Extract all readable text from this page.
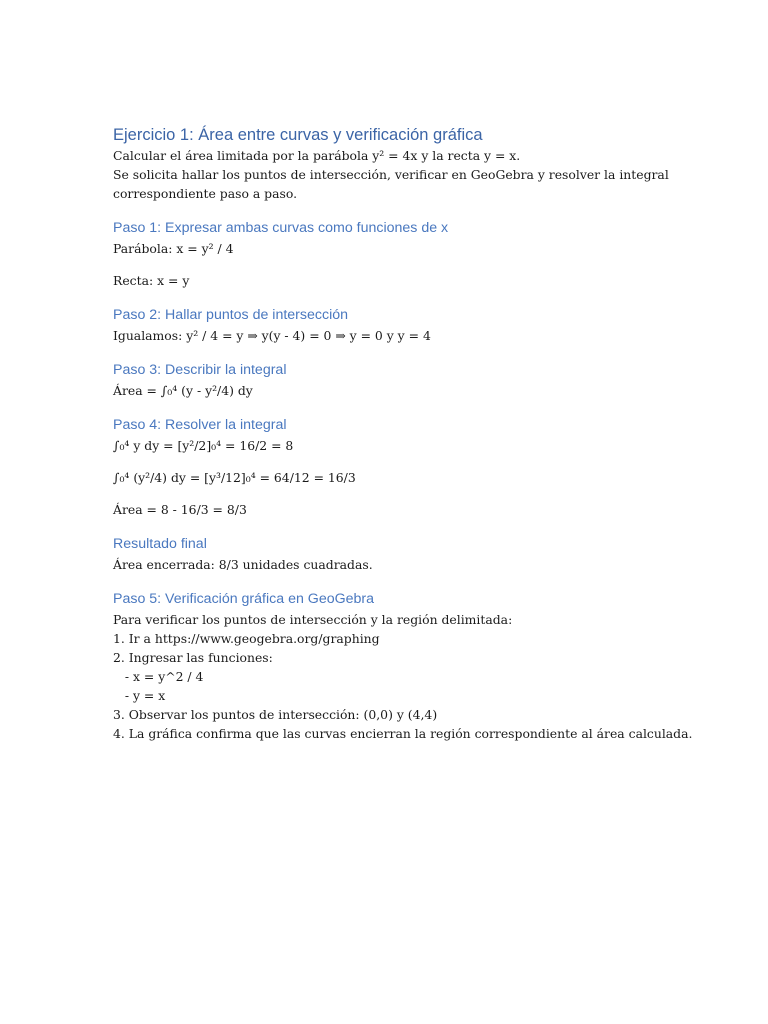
Ejercicio 1: Área entre curvas y verificación gráfica
Calcular el área limitada por la parábola y² = 4x y la recta y = x.
Se solicita hallar los puntos de intersección, verificar en GeoGebra y resolver la integral
correspondiente paso a paso.
Paso 1: Expresar ambas curvas como funciones de x

Parábola: x = y² / 4

Recta: x = y

Paso 2: Hallar puntos de intersección

Igualamos: y² / 4 = y ⇒ y(y - 4) = 0 ⇒ y = 0 y y = 4

Paso 3: Describir la integral

Área = ∫₀⁴ (y - y²/4) dy

Paso 4: Resolver la integral

∫₀⁴ y dy = [y²/2]₀⁴ = 16/2 = 8

∫₀⁴ (y²/4) dy = [y³/12]₀⁴ = 64/12 = 16/3

Área = 8 - 16/3 = 8/3

Resultado final

Área encerrada: 8/3 unidades cuadradas.

Paso 5: Verificación gráfica en GeoGebra
Para verificar los puntos de intersección y la región delimitada:
1. Ir a https://www.geogebra.org/graphing
2. Ingresar las funciones:
- x = y^2 / 4
- y = x
3. Observar los puntos de intersección: (0,0) y (4,4)
4. La gráfica confirma que las curvas encierran la región correspondiente al área calculada.
